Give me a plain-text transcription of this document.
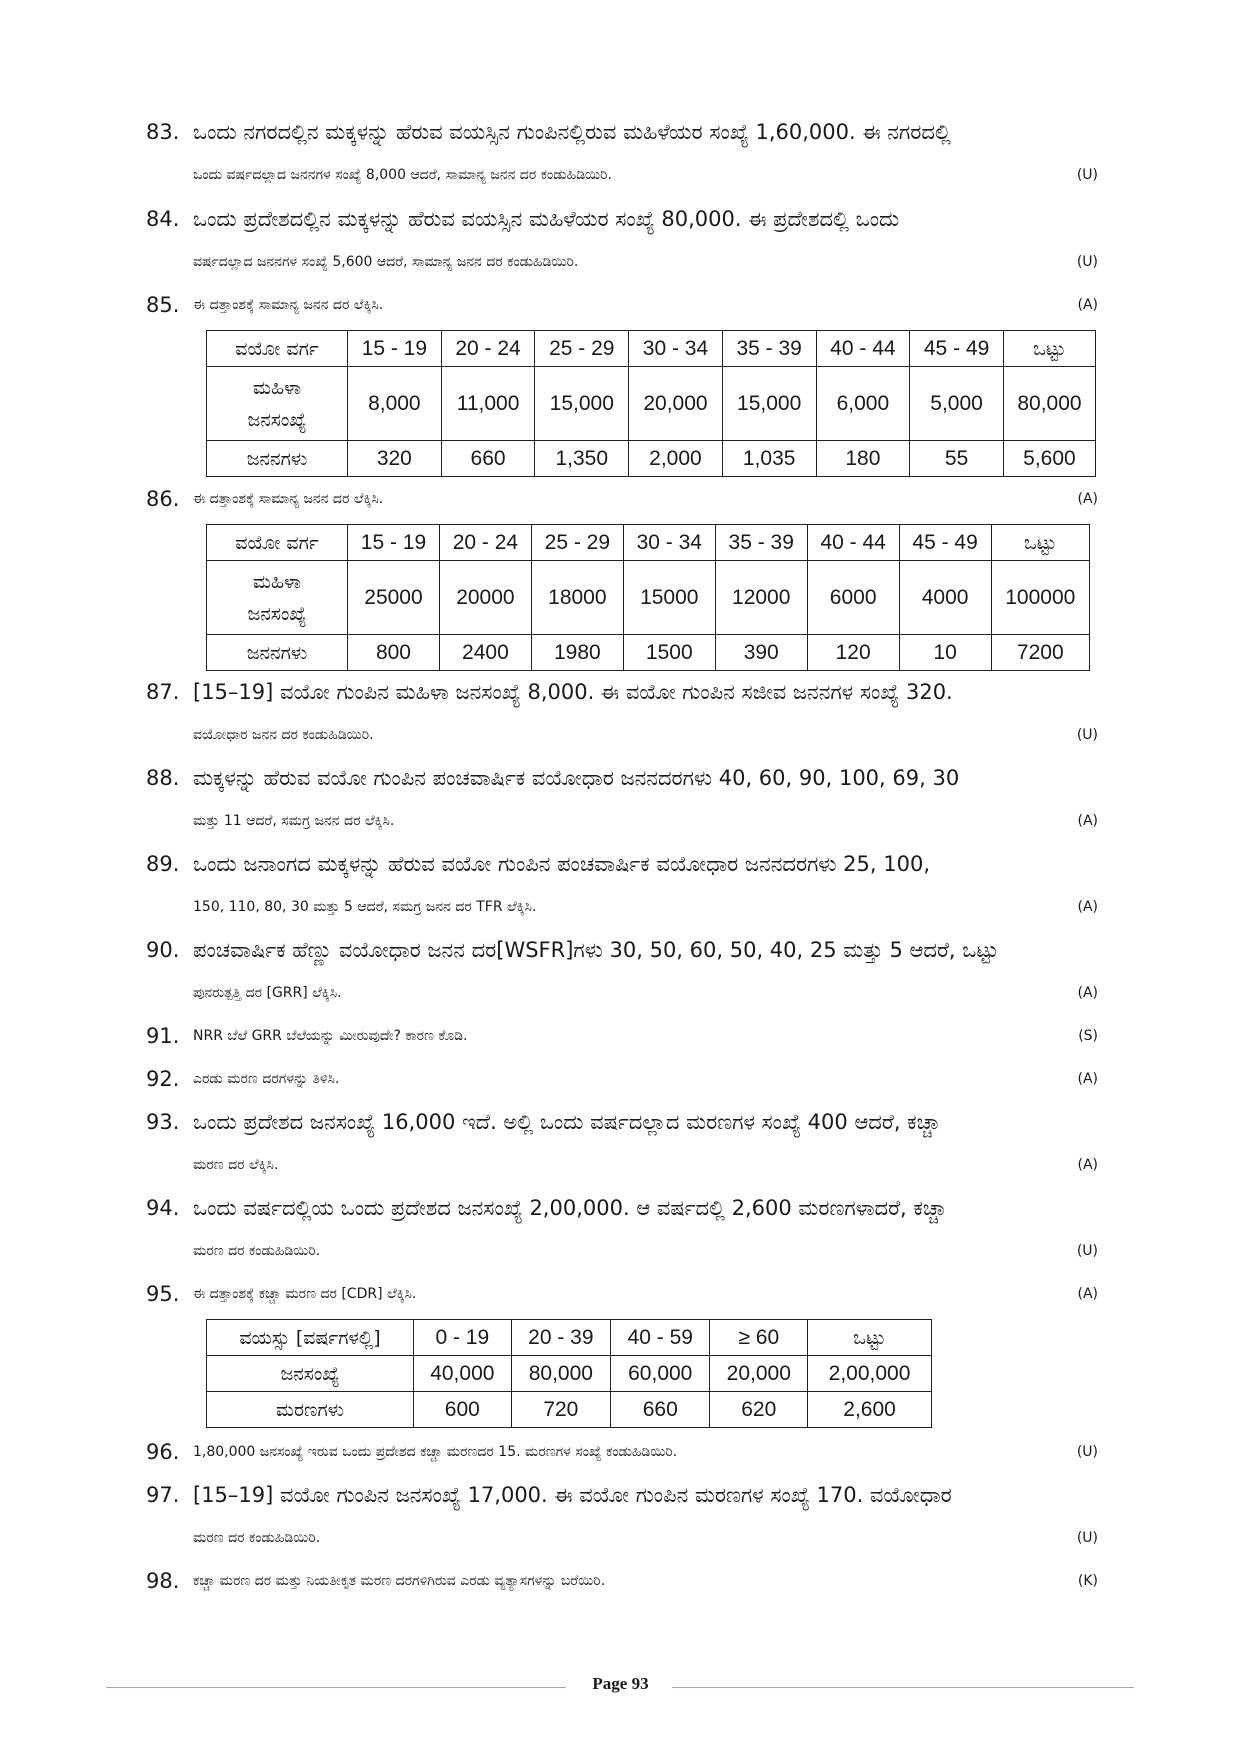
83. ಒಂದು ನಗರದಲ್ಲಿನ ಮಕ್ಕಳನ್ನು ಹೆರುವ ವಯಸ್ಸಿನ ಗುಂಪಿನಲ್ಲಿರುವ ಮಹಿಳೆಯರ ಸಂಖ್ಯೆ 1,60,000. ಈ ನಗರದಲ್ಲಿ
ಒಂದು ವರ್ಷದಲ್ಲಾದ ಜನನಗಳ ಸಂಖ್ಯೆ 8,000 ಆದರೆ, ಸಾಮಾನ್ಯ ಜನನ ದರ ಕಂಡುಹಿಡಿಯಿರಿ.	(U)
84. ಒಂದು ಪ್ರದೇಶದಲ್ಲಿನ ಮಕ್ಕಳನ್ನು ಹೆರುವ ವಯಸ್ಸಿನ ಮಹಿಳೆಯರ ಸಂಖ್ಯೆ 80,000. ಈ ಪ್ರದೇಶದಲ್ಲಿ ಒಂದು
ವರ್ಷದಲ್ಲಾದ ಜನನಗಳ ಸಂಖ್ಯೆ 5,600 ಆದರೆ, ಸಾಮಾನ್ಯ ಜನನ ದರ ಕಂಡುಹಿಡಿಯಿರಿ.	(U)
85. ಈ ದತ್ತಾಂಶಕ್ಕೆ ಸಾಮಾನ್ಯ ಜನನ ದರ ಲೆಕ್ಕಿಸಿ.	(A)
ವಯೋ ವರ್ಗ	15 - 19	20 - 24	25 - 29	30 - 34	35 - 39	40 - 44	45 - 49	ಒಟ್ಟು
ಮಹಿಳಾ ಜನಸಂಖ್ಯೆ	8,000	11,000	15,000	20,000	15,000	6,000	5,000	80,000
ಜನನಗಳು	320	660	1,350	2,000	1,035	180	55	5,600
86. ಈ ದತ್ತಾಂಶಕ್ಕೆ ಸಾಮಾನ್ಯ ಜನನ ದರ ಲೆಕ್ಕಿಸಿ.	(A)
ವಯೋ ವರ್ಗ	15 - 19	20 - 24	25 - 29	30 - 34	35 - 39	40 - 44	45 - 49	ಒಟ್ಟು
ಮಹಿಳಾ ಜನಸಂಖ್ಯೆ	25000	20000	18000	15000	12000	6000	4000	100000
ಜನನಗಳು	800	2400	1980	1500	390	120	10	7200
87. [15–19] ವಯೋ ಗುಂಪಿನ ಮಹಿಳಾ ಜನಸಂಖ್ಯೆ 8,000. ಈ ವಯೋ ಗುಂಪಿನ ಸಜೀವ ಜನನಗಳ ಸಂಖ್ಯೆ 320.
ವಯೋಧಾರ ಜನನ ದರ ಕಂಡುಹಿಡಿಯಿರಿ.	(U)
88. ಮಕ್ಕಳನ್ನು ಹೆರುವ ವಯೋ ಗುಂಪಿನ ಪಂಚವಾರ್ಷಿಕ ವಯೋಧಾರ ಜನನದರಗಳು 40, 60, 90, 100, 69, 30
ಮತ್ತು 11 ಆದರೆ, ಸಮಗ್ರ ಜನನ ದರ ಲೆಕ್ಕಿಸಿ.	(A)
89. ಒಂದು ಜನಾಂಗದ ಮಕ್ಕಳನ್ನು ಹೆರುವ ವಯೋ ಗುಂಪಿನ ಪಂಚವಾರ್ಷಿಕ ವಯೋಧಾರ ಜನನದರಗಳು 25, 100,
150, 110, 80, 30 ಮತ್ತು 5 ಆದರೆ, ಸಮಗ್ರ ಜನನ ದರ TFR ಲೆಕ್ಕಿಸಿ.	(A)
90. ಪಂಚವಾರ್ಷಿಕ ಹೆಣ್ಣು ವಯೋಧಾರ ಜನನ ದರ[WSFR]ಗಳು 30, 50, 60, 50, 40, 25 ಮತ್ತು 5 ಆದರೆ, ಒಟ್ಟು
ಪುನರುತ್ಪತ್ತಿ ದರ [GRR] ಲೆಕ್ಕಿಸಿ.	(A)
91. NRR ಬೆಲೆ GRR ಬೆಲೆಯನ್ನು ಮೀರುವುದೇ? ಕಾರಣ ಕೊಡಿ.	(S)
92. ಎರಡು ಮರಣ ದರಗಳನ್ನು ತಿಳಿಸಿ.	(A)
93. ಒಂದು ಪ್ರದೇಶದ ಜನಸಂಖ್ಯೆ 16,000 ಇದೆ. ಅಲ್ಲಿ ಒಂದು ವರ್ಷದಲ್ಲಾದ ಮರಣಗಳ ಸಂಖ್ಯೆ 400 ಆದರೆ, ಕಚ್ಚಾ
ಮರಣ ದರ ಲೆಕ್ಕಿಸಿ.	(A)
94. ಒಂದು ವರ್ಷದಲ್ಲಿಯ ಒಂದು ಪ್ರದೇಶದ ಜನಸಂಖ್ಯೆ 2,00,000. ಆ ವರ್ಷದಲ್ಲಿ 2,600 ಮರಣಗಳಾದರೆ, ಕಚ್ಚಾ
ಮರಣ ದರ ಕಂಡುಹಿಡಿಯಿರಿ.	(U)
95. ಈ ದತ್ತಾಂಶಕ್ಕೆ ಕಚ್ಚಾ ಮರಣ ದರ [CDR] ಲೆಕ್ಕಿಸಿ.	(A)
ವಯಸ್ಸು [ವರ್ಷಗಳಲ್ಲಿ]	0 - 19	20 - 39	40 - 59	≥ 60	ಒಟ್ಟು
ಜನಸಂಖ್ಯೆ	40,000	80,000	60,000	20,000	2,00,000
ಮರಣಗಳು	600	720	660	620	2,600
96. 1,80,000 ಜನಸಂಖ್ಯೆ ಇರುವ ಒಂದು ಪ್ರದೇಶದ ಕಚ್ಚಾ ಮರಣದರ 15. ಮರಣಗಳ ಸಂಖ್ಯೆ ಕಂಡುಹಿಡಿಯಿರಿ.	(U)
97. [15–19] ವಯೋ ಗುಂಪಿನ ಜನಸಂಖ್ಯೆ 17,000. ಈ ವಯೋ ಗುಂಪಿನ ಮರಣಗಳ ಸಂಖ್ಯೆ 170. ವಯೋಧಾರ
ಮರಣ ದರ ಕಂಡುಹಿಡಿಯಿರಿ.	(U)
98. ಕಚ್ಚಾ ಮರಣ ದರ ಮತ್ತು ನಿಯತೀಕೃತ ಮರಣ ದರಗಳಿಗಿರುವ ಎರಡು ವ್ಯತ್ಯಾಸಗಳನ್ನು ಬರೆಯಿರಿ.	(K)
Page 93
